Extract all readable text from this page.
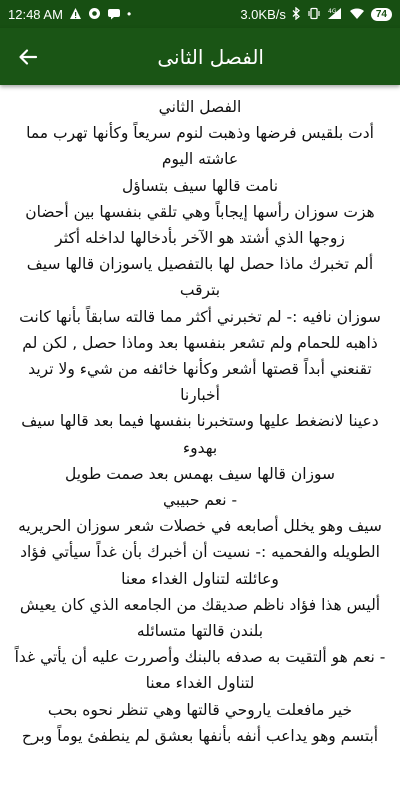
12:48 AM	•	3.0KB/s	4G	74
الفصل الثانى

الفصل الثاني

أدت بلقيس فرضها وذهبت لنوم سريعاً وكأنها تهرب مما عاشته اليوم

نامت قالها سيف بتساؤل

هزت سوزان رأسها إيجاباً وهي تلقي بنفسها بين أحضان زوجها الذي أشتد هو الآخر بأدخالها لداخله أكثر

ألم تخبرك ماذا حصل لها بالتفصيل ياسوزان قالها سيف بترقب

سوزان نافيه :- لم تخبرني أكثر مما قالته سابقاً بأنها كانت ذاهبه للحمام ولم تشعر بنفسها بعد وماذا حصل , لكن لم تقنعني أبداً قصتها أشعر وكأنها خائفه من شيء ولا تريد أخبارنا

دعينا لانضغط عليها وستخبرنا بنفسها فيما بعد قالها سيف بهدوء

سوزان قالها سيف بهمس بعد صمت طويل

- نعم حبيبي

سيف وهو يخلل أصابعه في خصلات شعر سوزان الحريريه الطويله والفحميه :- نسيت أن أخبرك بأن غداً سيأتي فؤاد وعائلته لتناول الغداء معنا

أليس هذا فؤاد ناظم صديقك من الجامعه الذي كان يعيش بلندن قالتها متسائله

- نعم هو ألتقيت به صدفه بالبنك وأصررت عليه أن يأتي غداً لتناول الغداء معنا

خير مافعلت ياروحي قالتها وهي تنظر نحوه بحب

أبتسم وهو يداعب أنفه بأنفها بعشق لم ينطفئ يوماً وبرح
